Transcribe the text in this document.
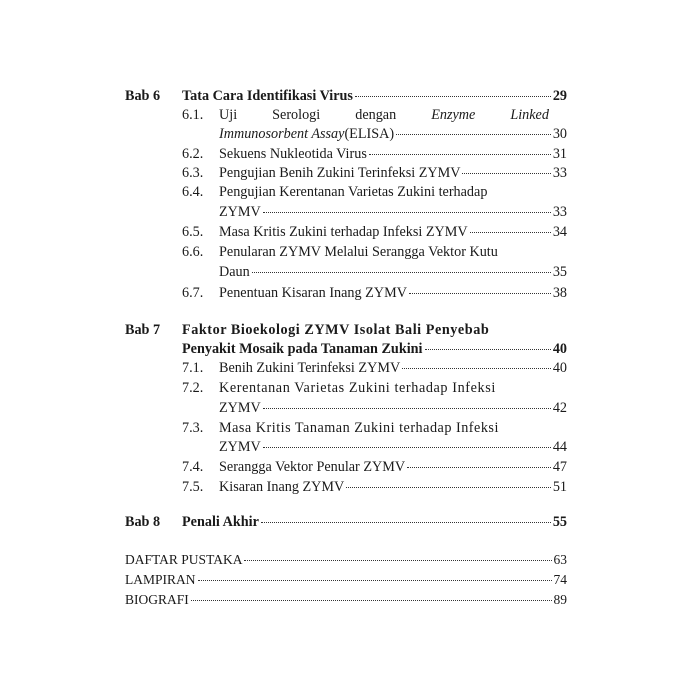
Bab 6	Tata Cara Identifikasi Virus	29
6.1.	Uji Serologi dengan Enzyme Linked
Immunosorbent Assay (ELISA)	30
6.2.	Sekuens Nukleotida Virus	31
6.3.	Pengujian Benih Zukini Terinfeksi ZYMV	33
6.4.	Pengujian Kerentanan Varietas Zukini terhadap
ZYMV	33
6.5.	Masa Kritis Zukini terhadap Infeksi ZYMV	34
6.6.	Penularan ZYMV Melalui Serangga Vektor Kutu
Daun	35
6.7.	Penentuan Kisaran Inang ZYMV	38
Bab 7	Faktor Bioekologi ZYMV Isolat Bali Penyebab
Penyakit Mosaik pada Tanaman Zukini	40
7.1.	Benih Zukini Terinfeksi ZYMV	40
7.2.	Kerentanan Varietas Zukini terhadap Infeksi
ZYMV	42
7.3.	Masa Kritis Tanaman Zukini terhadap Infeksi
ZYMV	44
7.4.	Serangga Vektor Penular ZYMV	47
7.5.	Kisaran Inang ZYMV	51
Bab 8	Penali Akhir	55
DAFTAR PUSTAKA	63
LAMPIRAN	74
BIOGRAFI	89
